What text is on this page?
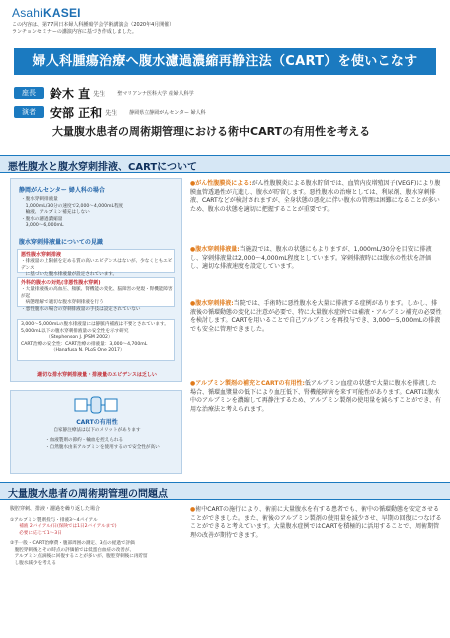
AsahiKASEI
この内容は、第77回日本婦人科腫瘍学会学術講演会（2020年4月開催）
ランチョンセミナーの講演内容に基づき作成しました。
婦人科腫瘍治療へ腹水濾過濃縮再静注法（CART）を使いこなす
座長	鈴木 直 先生 聖マリアンナ医科大学 産婦人科学
演者	安部 正和 先生 静岡県立静岡がんセンター 婦人科
大量腹水患者の周術期管理における術中CARTの有用性を考える
悪性腹水と腹水穿刺排液、CARTについて
静岡がんセンター 婦人科の場合
・腹水穿刺排液量
　1,000mL/30分の速度で2,000～4,000mL程度
　輸液、アルブミン補充はしない
・腹水の濾過濃縮量
　3,000～6,000mL
腹水穿刺排液量についての見識
悪性腹水穿刺排液
・排液量の上限値を定める質の高いエビデンスはないが、少なくともエビデンス
　に基づいた腹水排液量が設定されています。
外科的腹水の対処(非悪性腹水穿刺)
・大量排液後の高血圧、頻脈、腎機能の変化、脳障害の発現・腎機能障害が起
　病態理解で適切な腹水穿刺排液を行う
・悪性腹水の場合の穿刺排液量の手技は設定されていない
3,000～5,000mLの腹水排液量には静脈内補液は不要とされています。
5,000mL以下の腹水穿刺排液量の安全性を示す研究
　　　　　　（Stephenson J. JPSM 2002）
CART治療の安全性：CART治療の排液量：3,000～4,700mL
　　　　　　　（Hanafusa N. PLoS One 2017）
適切な排水穿刺排液量・排液量のエビデンスは乏しい
CARTの有用性
自家静注療法は以下のメリットがあります
・血液製剤の節約・輸血を控えられる
・自然腹水由来アルブミンを使用するので安全性が高い
大量腹水患者の周術期管理の問題点
腹腔穿刺、排液・濾過を繰り返した場合
①アルブミン製剤投与・排液3～4パイアル
　　補液 2バイアル/日(保険では1日2バイアルまで)
　　必要に応じて1～3日
②手一般・CART治療費・腹部周囲の測定、3点の経過で評価
　腹腔穿刺後とその時点の評価値では低蛋白血症の改善が、
　アルブミン点滴後に回復することが多いが、腹腔穿刺後に再貯留
　し腹水減少を考える
●がん性腹膜炎による:がん性腹膜炎による腹水貯留では、血管内皮増殖因子(VEGF)により腹膜血管透過性が亢進し、腹水が貯留します。悪性腹水の治療としては、利尿剤、腹水穿刺排液、CARTなどが検討されますが、全身状態の悪化に伴い腹水の管理は困難になることが多いため、腹水の状態を適切に把握することが重要です。
●腹水穿刺排液量:当施設では、腹水の状態にもよりますが、1,000mL/30分を目安に排液し、穿刺排液量は2,000～4,000mL程度としています。穿刺排液時には腹水の性状を評価し、適切な排液速度を設定しています。
●腹水穿刺排液:当院では、手術時に悪性腹水を大量に排液する症例があります。しかし、排液後の循環動態の変化に注意が必要で、特に大量腹水症例では補液・アルブミン補充の必要性を検討します。CARTを用いることで自己アルブミンを再投与でき、3,000～5,000mLの排液でも安全に管理できました。
●アルブミン製剤の補充とCARTの有用性:低アルブミン血症の状態で大量に腹水を排液した場合、循環血漿量の低下により血圧低下、腎機能障害を来す可能性があります。CARTは腹水中のアルブミンを濃縮して再静注するため、アルブミン製剤の使用量を減らすことができ、有用な治療法と考えられます。
●術中CARTの施行により、術前に大量腹水を有する患者でも、術中の循環動態を安定させることができました。また、術後のアルブミン製剤の使用量を減少させ、早期の回復につなげることができると考えています。大量腹水症例ではCARTを積極的に活用することで、周術期管理の改善が期待できます。
